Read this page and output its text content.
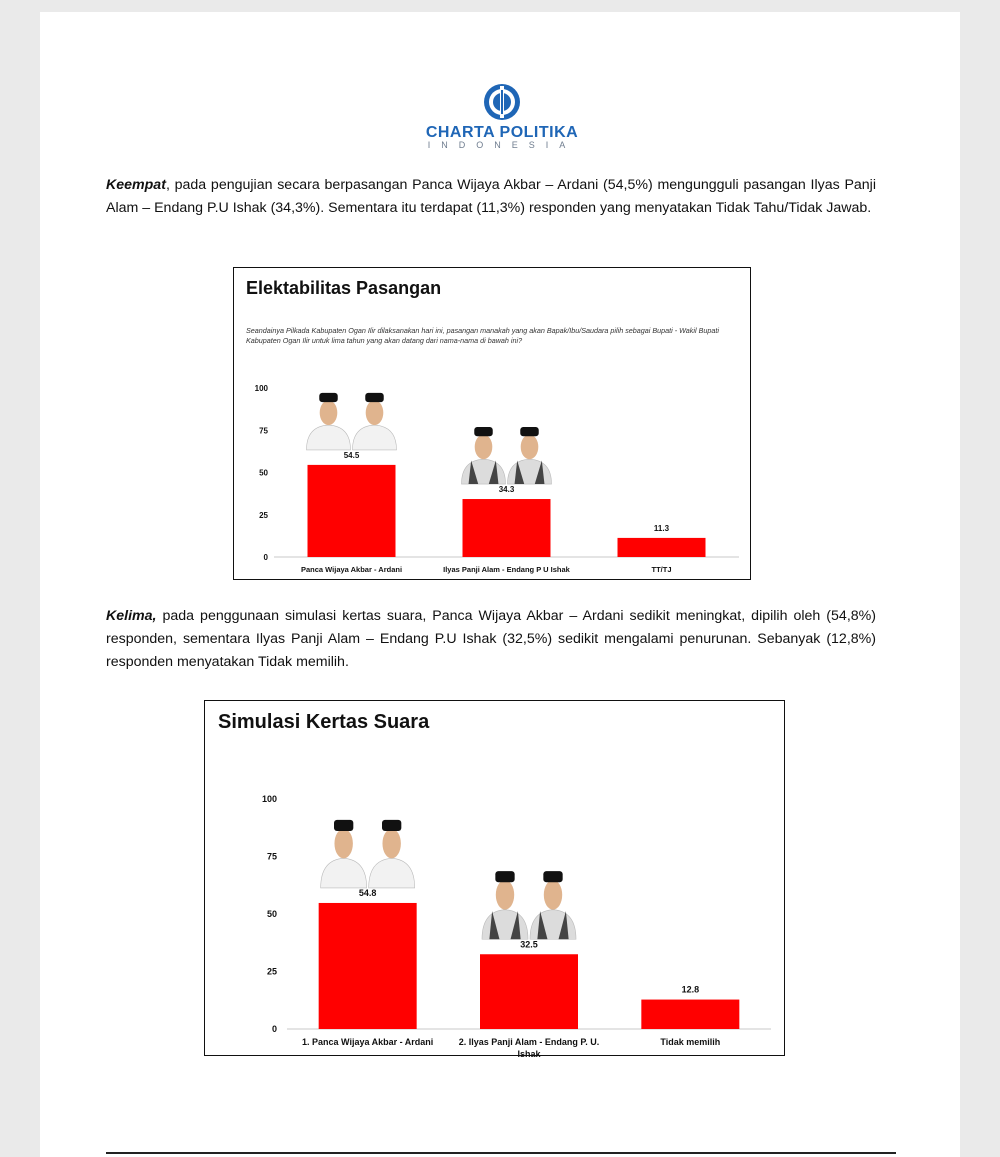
CHARTA POLITIKA
INDONESIA

Keempat, pada pengujian secara berpasangan Panca Wijaya Akbar – Ardani (54,5%) mengungguli pasangan Ilyas Panji Alam – Endang P.U Ishak (34,3%). Sementara itu terdapat (11,3%) responden yang menyatakan Tidak Tahu/Tidak Jawab.

Elektabilitas Pasangan
Seandainya Pilkada Kabupaten Ogan Ilir dilaksanakan hari ini, pasangan manakah yang akan Bapak/Ibu/Saudara pilih sebagai Bupati - Wakil Bupati Kabupaten Ogan Ilir untuk lima tahun yang akan datang dari nama-nama di bawah ini?
0
25
50
75
100
54.5
Panca Wijaya Akbar - Ardani
34.3
Ilyas Panji Alam - Endang P U Ishak
11.3
TT/TJ

Kelima, pada penggunaan simulasi kertas suara, Panca Wijaya Akbar – Ardani sedikit meningkat, dipilih oleh (54,8%) responden, sementara Ilyas Panji Alam – Endang P.U Ishak (32,5%) sedikit mengalami penurunan. Sebanyak (12,8%) responden menyatakan Tidak memilih.

Simulasi Kertas Suara
0
25
50
75
100
54.8
1. Panca Wijaya Akbar - Ardani
32.5
2. Ilyas Panji Alam - Endang P. U.
Ishak
12.8
Tidak memilih
